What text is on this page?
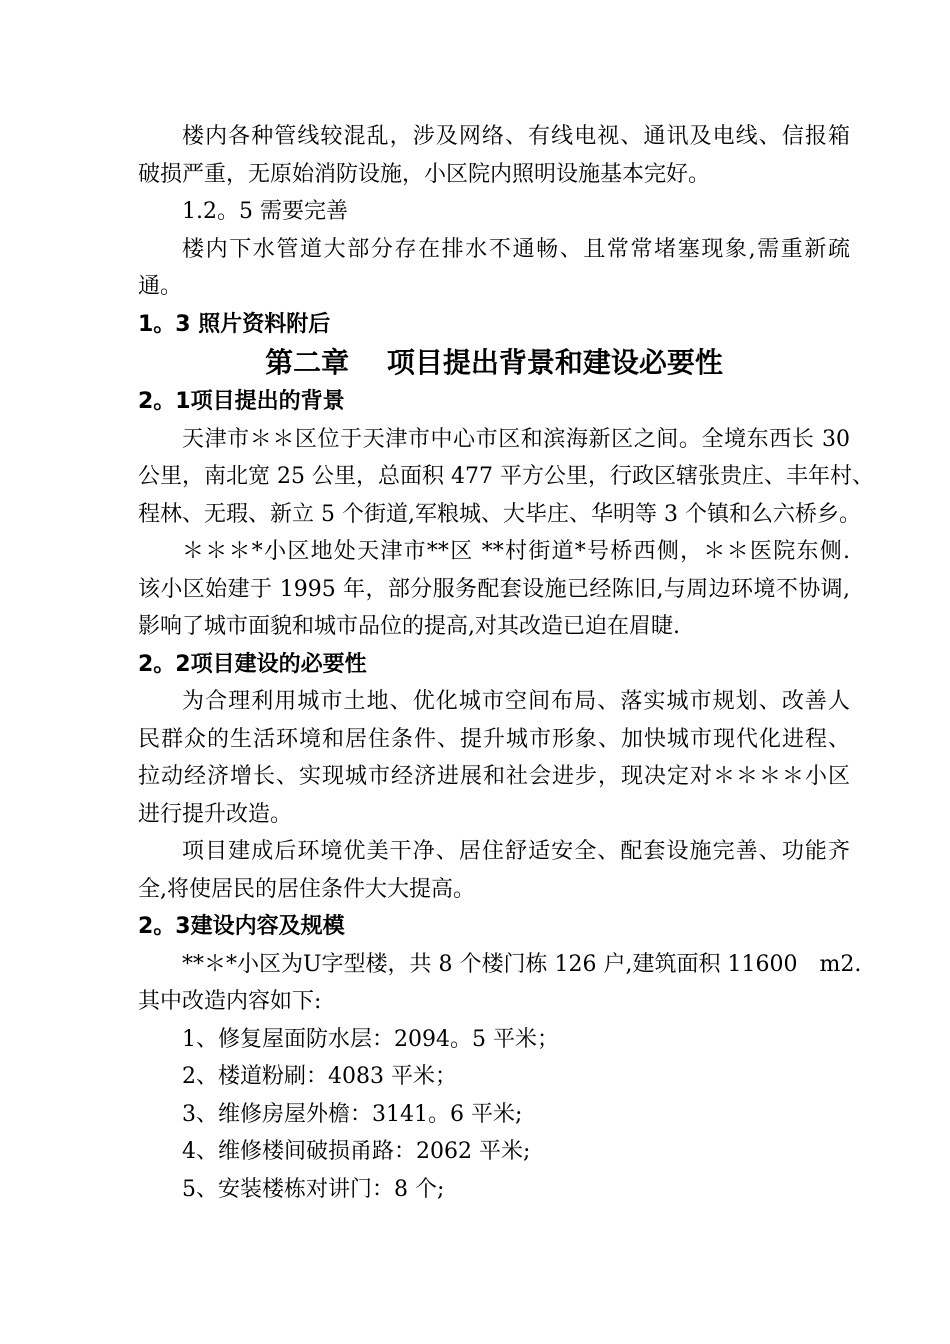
楼内各种管线较混乱，涉及网络、有线电视、通讯及电线、信报箱
破损严重，无原始消防设施，小区院内照明设施基本完好。
1.2。5 需要完善
楼内下水管道大部分存在排水不通畅、且常常堵塞现象,需重新疏
通。
1。3 照片资料附后
第二章　 项目提出背景和建设必要性
2。1项目提出的背景
天津市＊＊区位于天津市中心市区和滨海新区之间。全境东西长 30
公里，南北宽 25 公里，总面积 477 平方公里，行政区辖张贵庄、丰年村、
程林、无瑕、新立 5 个街道,军粮城、大毕庄、华明等 3 个镇和么六桥乡。
＊＊＊*小区地处天津市**区 **村街道*号桥西侧，＊＊医院东侧.
该小区始建于 1995 年，部分服务配套设施已经陈旧,与周边环境不协调,
影响了城市面貌和城市品位的提高,对其改造已迫在眉睫.
2。2项目建设的必要性
为合理利用城市土地、优化城市空间布局、落实城市规划、改善人
民群众的生活环境和居住条件、提升城市形象、加快城市现代化进程、
拉动经济增长、实现城市经济进展和社会进步，现决定对＊＊＊＊小区
进行提升改造。
项目建成后环境优美干净、居住舒适安全、配套设施完善、功能齐
全,将使居民的居住条件大大提高。
2。3建设内容及规模
**＊*小区为U字型楼，共 8 个楼门栋 126 户,建筑面积 11600　m2.
其中改造内容如下:
1、修复屋面防水层：2094。5 平米；
2、楼道粉刷：4083 平米；
3、维修房屋外檐：3141。6 平米;
4、维修楼间破损甬路：2062 平米;
5、安装楼栋对讲门：8 个;
